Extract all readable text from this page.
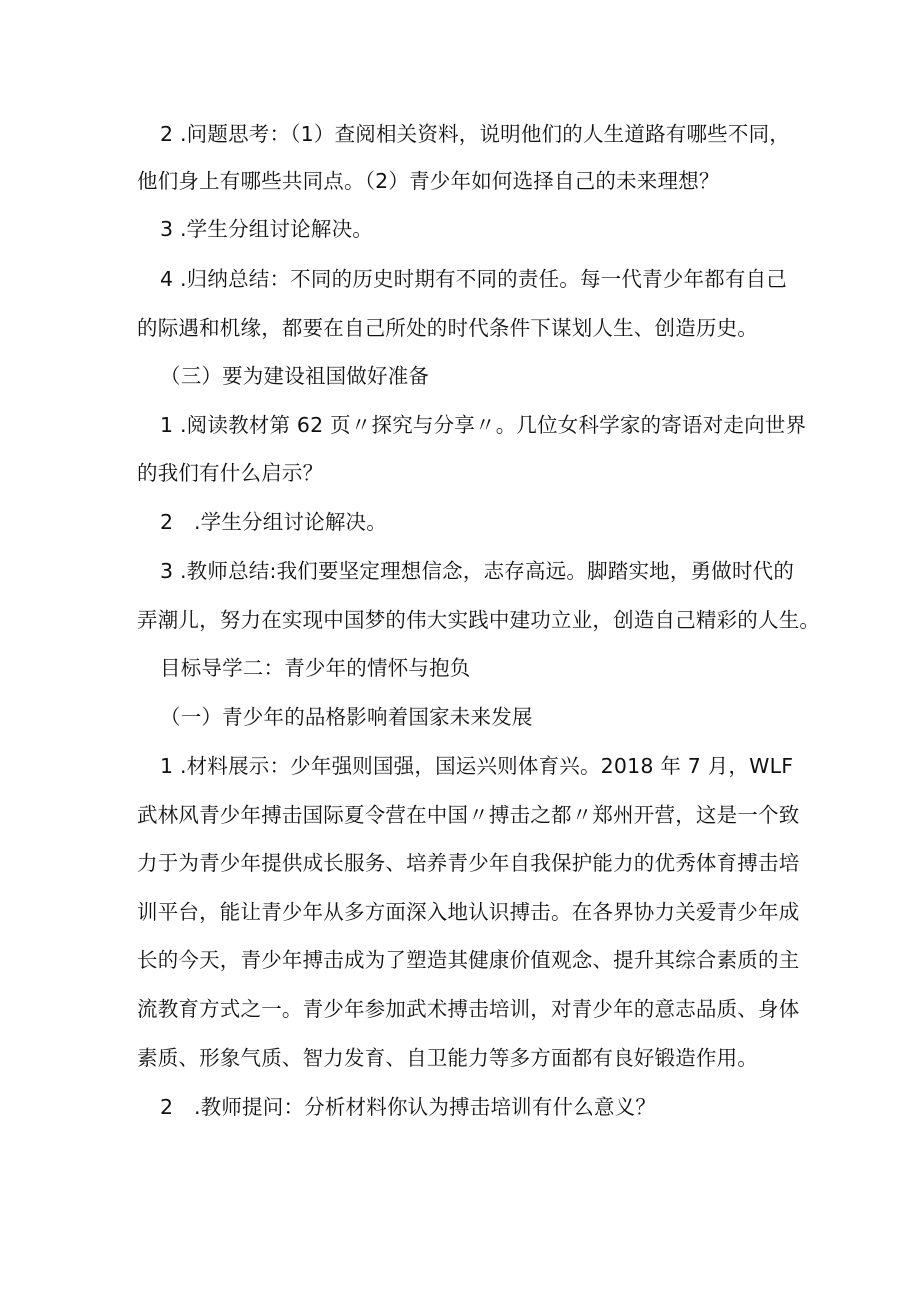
2 .问题思考：（1）查阅相关资料，说明他们的人生道路有哪些不同，
他们身上有哪些共同点。（2）青少年如何选择自己的未来理想？
3 .学生分组讨论解决。
4 .归纳总结：不同的历史时期有不同的责任。每一代青少年都有自己
的际遇和机缘，都要在自己所处的时代条件下谋划人生、创造历史。
（三）要为建设祖国做好准备
1 .阅读教材第 62 页〃探究与分享〃。几位女科学家的寄语对走向世界
的我们有什么启示？
2　.学生分组讨论解决。
3 .教师总结:我们要坚定理想信念，志存高远。脚踏实地，勇做时代的
弄潮儿，努力在实现中国梦的伟大实践中建功立业，创造自己精彩的人生。
目标导学二：青少年的情怀与抱负
（一）青少年的品格影响着国家未来发展
1 .材料展示：少年强则国强，国运兴则体育兴。2018 年 7 月，WLF
武林风青少年搏击国际夏令营在中国〃搏击之都〃郑州开营，这是一个致
力于为青少年提供成长服务、培养青少年自我保护能力的优秀体育搏击培
训平台，能让青少年从多方面深入地认识搏击。在各界协力关爱青少年成
长的今天，青少年搏击成为了塑造其健康价值观念、提升其综合素质的主
流教育方式之一。青少年参加武术搏击培训，对青少年的意志品质、身体
素质、形象气质、智力发育、自卫能力等多方面都有良好锻造作用。
2　.教师提问：分析材料你认为搏击培训有什么意义？
